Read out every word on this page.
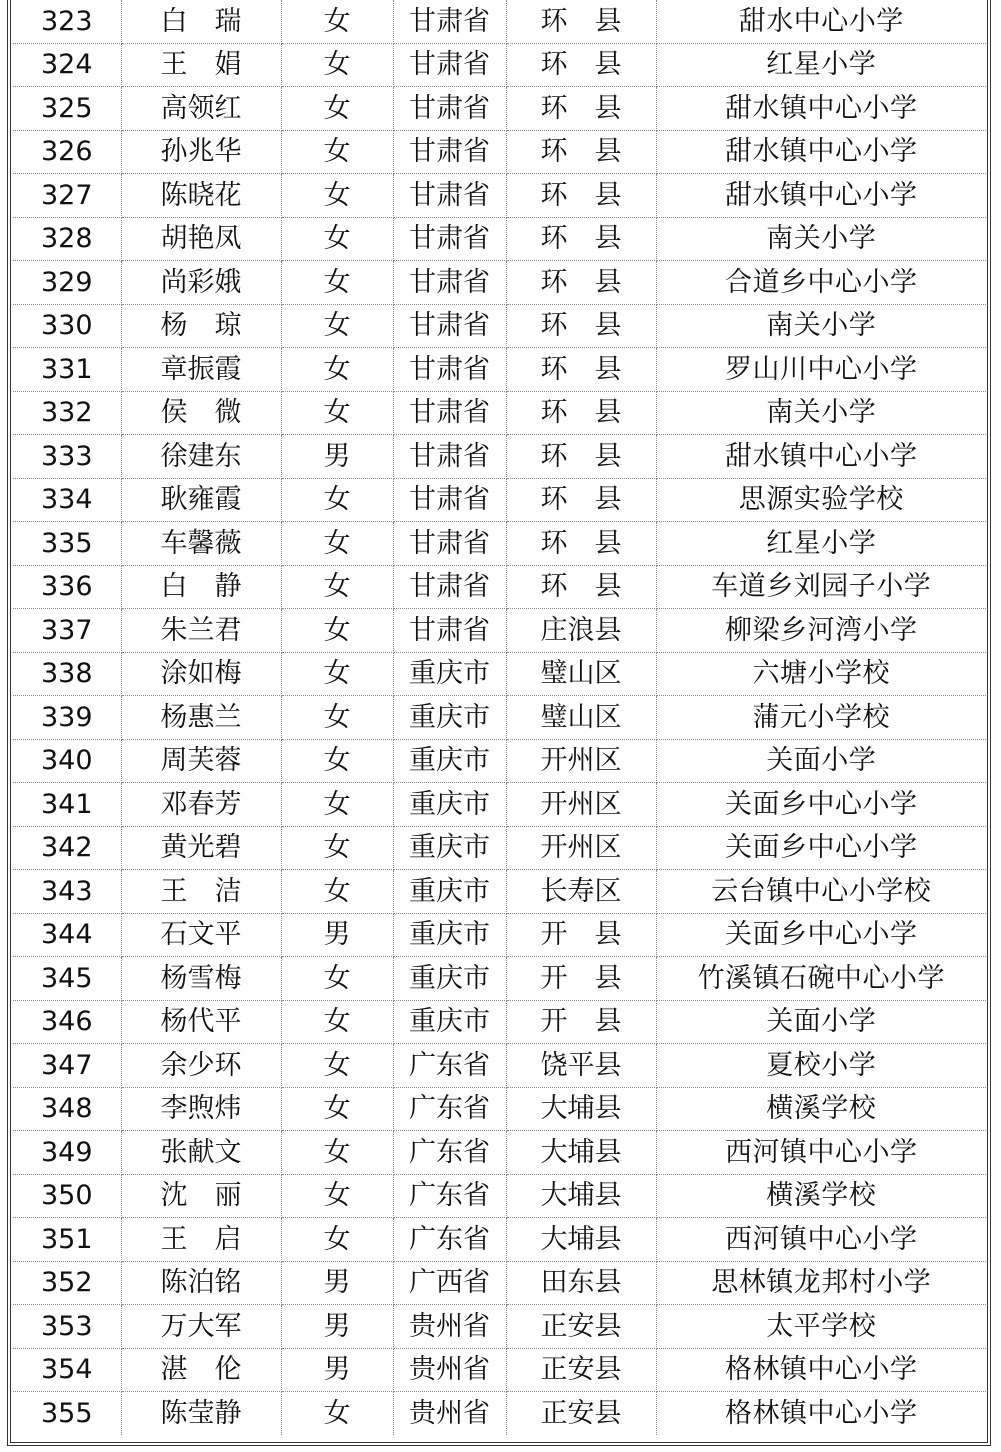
323	白　瑞	女	甘肃省	环　县	甜水中心小学
324	王　娟	女	甘肃省	环　县	红星小学
325	高领红	女	甘肃省	环　县	甜水镇中心小学
326	孙兆华	女	甘肃省	环　县	甜水镇中心小学
327	陈晓花	女	甘肃省	环　县	甜水镇中心小学
328	胡艳凤	女	甘肃省	环　县	南关小学
329	尚彩娥	女	甘肃省	环　县	合道乡中心小学
330	杨　琼	女	甘肃省	环　县	南关小学
331	章振霞	女	甘肃省	环　县	罗山川中心小学
332	侯　微	女	甘肃省	环　县	南关小学
333	徐建东	男	甘肃省	环　县	甜水镇中心小学
334	耿雍霞	女	甘肃省	环　县	思源实验学校
335	车馨薇	女	甘肃省	环　县	红星小学
336	白　静	女	甘肃省	环　县	车道乡刘园子小学
337	朱兰君	女	甘肃省	庄浪县	柳梁乡河湾小学
338	涂如梅	女	重庆市	璧山区	六塘小学校
339	杨惠兰	女	重庆市	璧山区	蒲元小学校
340	周芙蓉	女	重庆市	开州区	关面小学
341	邓春芳	女	重庆市	开州区	关面乡中心小学
342	黄光碧	女	重庆市	开州区	关面乡中心小学
343	王　洁	女	重庆市	长寿区	云台镇中心小学校
344	石文平	男	重庆市	开　县	关面乡中心小学
345	杨雪梅	女	重庆市	开　县	竹溪镇石碗中心小学
346	杨代平	女	重庆市	开　县	关面小学
347	余少环	女	广东省	饶平县	夏校小学
348	李煦炜	女	广东省	大埔县	横溪学校
349	张献文	女	广东省	大埔县	西河镇中心小学
350	沈　丽	女	广东省	大埔县	横溪学校
351	王　启	女	广东省	大埔县	西河镇中心小学
352	陈泊铭	男	广西省	田东县	思林镇龙邦村小学
353	万大军	男	贵州省	正安县	太平学校
354	湛　伦	男	贵州省	正安县	格林镇中心小学
355	陈莹静	女	贵州省	正安县	格林镇中心小学
